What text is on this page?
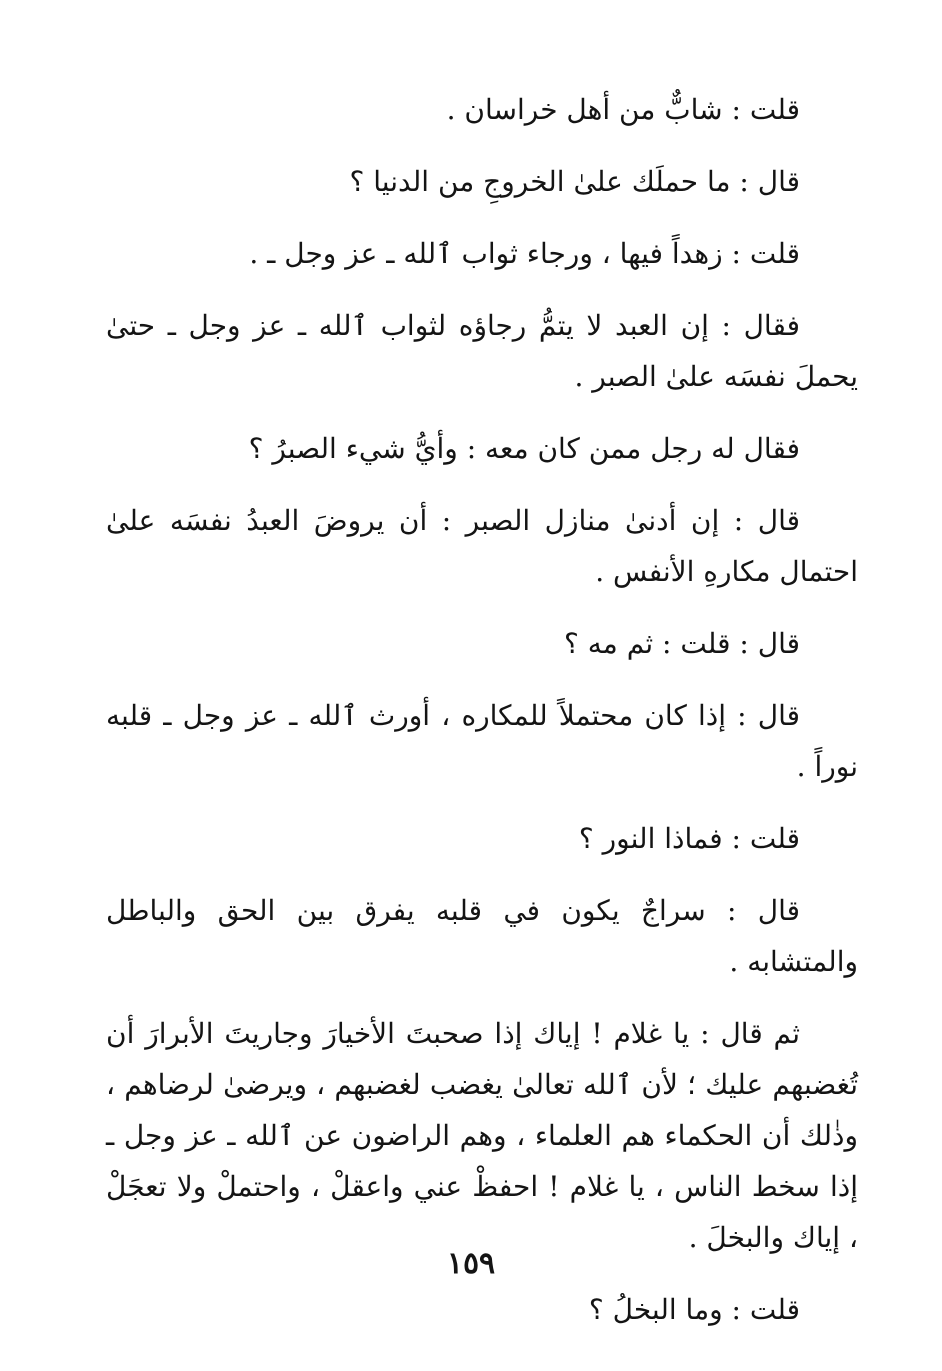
قلت : شابٌّ من أهل خراسان .

قال : ما حملَك علىٰ الخروجِ من الدنيا ؟

قلت : زهداً فيها ، ورجاء ثواب ٱلله ـ عز وجل ـ .

فقال : إن العبد لا يتمُّ رجاؤه لثواب ٱلله ـ عز وجل ـ حتىٰ يحملَ نفسَه علىٰ الصبر .

فقال له رجل ممن كان معه : وأيُّ شيء الصبرُ ؟

قال : إن أدنىٰ منازل الصبر : أن يروضَ العبدُ نفسَه علىٰ احتمال مكارهِ الأنفس .

قال : قلت : ثم مه ؟

قال : إذا كان محتملاً للمكاره ، أورث ٱلله ـ عز وجل ـ قلبه نوراً .

قلت : فماذا النور ؟

قال : سراجٌ يكون في قلبه يفرق بين الحق والباطل والمتشابه .

ثم قال : يا غلام ! إياك إذا صحبتَ الأخيارَ وجاريتَ الأبرارَ أن تُغضبهم عليك ؛ لأن ٱلله تعالىٰ يغضب لغضبهم ، ويرضىٰ لرضاهم ، وذٰلك أن الحكماء هم العلماء ، وهم الراضون عن ٱلله ـ عز وجل ـ إذا سخط الناس ، يا غلام ! احفظْ عني واعقلْ ، واحتملْ ولا تعجَلْ ، إياك والبخلَ .

قلت : وما البخلُ ؟

١٥٩
